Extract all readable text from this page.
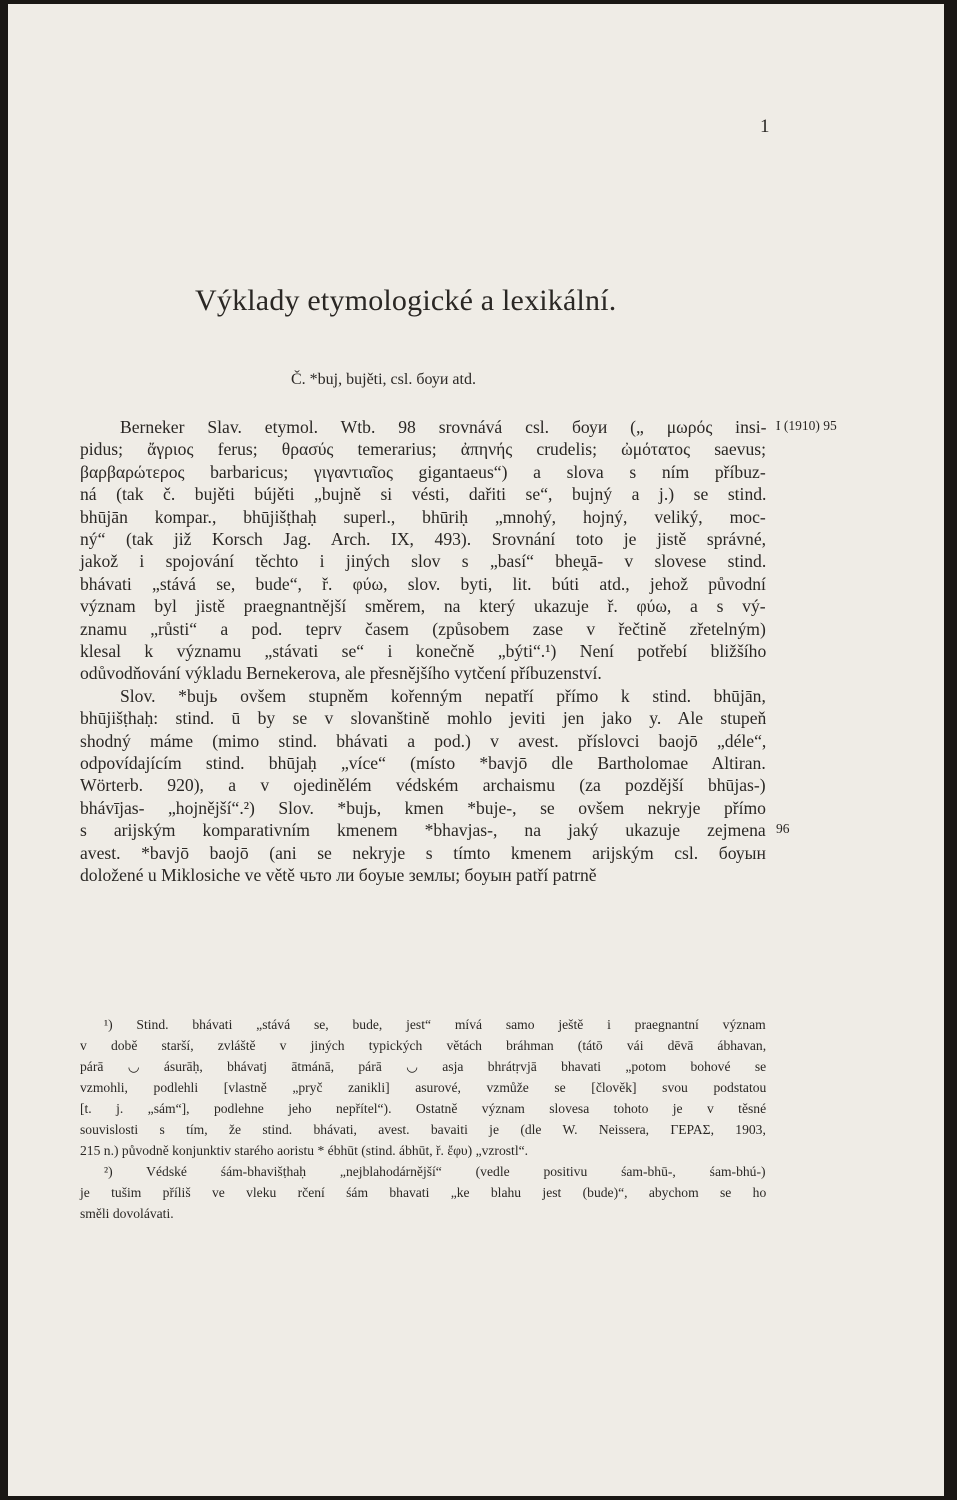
1
Výklady etymologické a lexikální.
Č. *buj, bujěti, csl. боуи atd.
Berneker Slav. etymol. Wtb. 98 srovnává csl. боуи („ μωρός insi-
pidus; ἄγριος ferus; θρασύς temerarius; ἀπηνής crudelis; ὠμότατος saevus;
βαρβαρώτερος barbaricus; γιγαντιαῖος gigantaeus“) a slova s ním příbuz-
ná (tak č. bujěti bújěti „bujně si vésti, dařiti se“, bujný a j.) se stind.
bhūjān kompar., bhūjišṭhaḥ superl., bhūriḥ „mnohý, hojný, veliký, moc-
ný“ (tak již Korsch Jag. Arch. IX, 493). Srovnání toto je jistě správné,
jakož i spojování těchto i jiných slov s „basí“ bheṷā- v slovese stind.
bhávati „stává se, bude“, ř. φύω, slov. byti, lit. búti atd., jehož původní
význam byl jistě praegnantnější směrem, na který ukazuje ř. φύω, a s vý-
znamu „růsti“ a pod. teprv časem (způsobem zase v řečtině zřetelným)
klesal k významu „stávati se“ i konečně „býti“.¹) Není potřebí bližšího
odůvodňování výkladu Bernekerova, ale přesnějšího vytčení příbuzenství.
Slov. *bujь ovšem stupněm kořenným nepatří přímo k stind. bhūjān,
bhūjišṭhaḥ: stind. ū by se v slovanštině mohlo jeviti jen jako y. Ale stupeň
shodný máme (mimo stind. bhávati a pod.) v avest. příslovci baojō „déle“,
odpovídajícím stind. bhūjaḥ „více“ (místo *bavjō dle Bartholomae Altiran.
Wörterb. 920), a v ojedinělém védském archaismu (za pozdější bhūjas-)
bhávījas- „hojnější“.²) Slov. *bujь, kmen *buje-, se ovšem nekryje přímo
s arijským komparativním kmenem *bhavjas-, na jaký ukazuje zejmena
avest. *bavjō baojō (ani se nekryje s tímto kmenem arijským csl. боуын
doložené u Miklosiche ve větě чьто ли боуые землы; боуын patří patrně
¹) Stind. bhávati „stává se, bude, jest“ mívá samo ještě i praegnantní význam
v době starší, zvláště v jiných typických větách bráhman (tátō vái dēvā ábhavan,
párā ◡ ásurāḥ, bhávatj ātmánā, párā ◡ asja bhrátṛvjā bhavati „potom bohové se
vzmohli, podlehli [vlastně „pryč zanikli] asurové, vzmůže se [člověk] svou podstatou
[t. j. „sám“], podlehne jeho nepřítel“). Ostatně význam slovesa tohoto je v těsné
souvislosti s tím, že stind. bhávati, avest. bavaiti je (dle W. Neissera, ΓΕΡΑΣ, 1903,
215 n.) původně konjunktiv starého aoristu * ébhūt (stind. ábhūt, ř. ἔφυ) „vzrostl“.
²) Védské śám-bhavišṭhaḥ „nejblahodárnější“ (vedle positivu śam-bhū-, śam-bhú-)
je tušim příliš ve vleku rčení śám bhavati „ke blahu jest (bude)“, abychom se ho
směli dovolávati.
I (1910) 95
96
